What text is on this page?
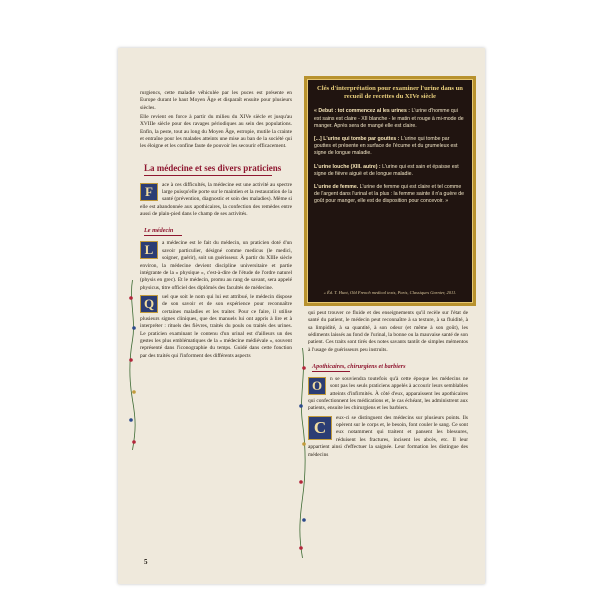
rurgiencs, cette maladie véhiculée par les puces est présente en Europe durant le haut Moyen Âge et disparaît ensuite pour plusieurs siècles.

Elle revient en force à partir du milieu du XIVe siècle et jusqu'au XVIIIe siècle pour des ravages périodiques au sein des populations. Enfin, la peste, tout au long du Moyen Âge, estropie, mutile la crainte et entraîne pour les malades atteints une mise au ban de la société qui les éloigne et les confine faute de pouvoir les secourir efficacement.

La médecine et ses divers praticiens

F	ace à ces difficultés, la médecine est une activité au spectre large puisqu'elle porte sur le maintien et la restauration de la santé (prévention, diagnostic et soin des maladies). Même si elle est abandonnée aux apothicaires, la confection des remèdes entre aussi de plain-pied dans le champ de ses activités.

Le médecin

L	a médecine est le fait du médecin, un praticien doté d'un savoir particulier, désigné comme medicus (le medici, soigner, guérir), soit un guérisseur. À partir du XIIIe siècle environ, la médecine devient discipline universitaire et partie intégrante de la « physique », c'est-à-dire de l'étude de l'ordre naturel (physis en grec). Et le médecin, promu au rang de savant, sera appelé physicus, titre officiel des diplômés des facultés de médecine.

Q	uel que soit le nom qui lui est attribué, le médecin dispose de son savoir et de son expérience pour reconnaître certaines maladies et les traiter. Pour ce faire, il utilise plusieurs signes cliniques, que des manuels lui ont appris à lire et à interpréter : rituels des fièvres, traités du pouls ou traités des urines. Le praticien examinant le contenu d'un urinal est d'ailleurs un des gestes les plus emblématiques de la « médecine médiévale », souvent représenté dans l'iconographie du temps. Guidé dans cette fonction par des traités qui l'informent des différents aspects

Clés d'interprétation pour examiner l'urine dans un recueil de recettes du XIVe siècle

« Debut : tot commencez al les urines : L'urine d'homme qui est sains est claire - XII blanche - le matin et rouge à mi-mode de manger. Après sera de mangé elle est claire.

[...] L'urine qui tombe par gouttes : L'urine qui tombe par gouttes et présente en surface de l'écume et du grumeleux est signe de longue maladie.

L'urine louche (XIII. autre) : L'urine qui est sain et épaisse est signe de fièvre aiguë et de longue maladie.

L'urine de femme. L'urine de femme qui est claire et tel comme de l'argent dans l'urinal et la plus : la femme sainte il n'a guère de goût pour manger, elle est de disposition pour concevoir. »

« Éd. T. Hunt, Old French medical texts, Paris, Classiques Garnier, 2011.

qui peut trouver ce fluide et des enseignements qu'il recèle sur l'état de santé du patient, le médecin peut reconnaître à sa texture, à sa fluidité, à sa limpidité, à sa quantité, à son odeur (et même à son goût), les sédiments laissés au fond de l'urinal, la bonne ou la mauvaise santé de son patient. Ces traits sont tirés des notes savants tantôt de simples mémentos à l'usage de guérisseurs peu instruits.

Apothicaires, chirurgiens et barbiers

O	n se souviendra toutefois qu'à cette époque les médecins ne sont pas les seuls praticiens appelés à accourir leurs semblables atteints d'infirmités. À côté d'eux, apparaissent les apothicaires qui confectionnent les médications et, le cas échéant, les administrent aux patients, ensuite les chirurgiens et les barbiers.

C	eux-ci se distinguent des médecins sur plusieurs points. Ils opèrent sur le corps et, le besoin, font couler le sang. Ce sont eux notamment qui traitent et pansent les blessures, réduisent les fractures, incisent les abcès, etc. Il leur appartient ainsi d'effectuer la saignée. Leur formation les distingue des médecins

5
